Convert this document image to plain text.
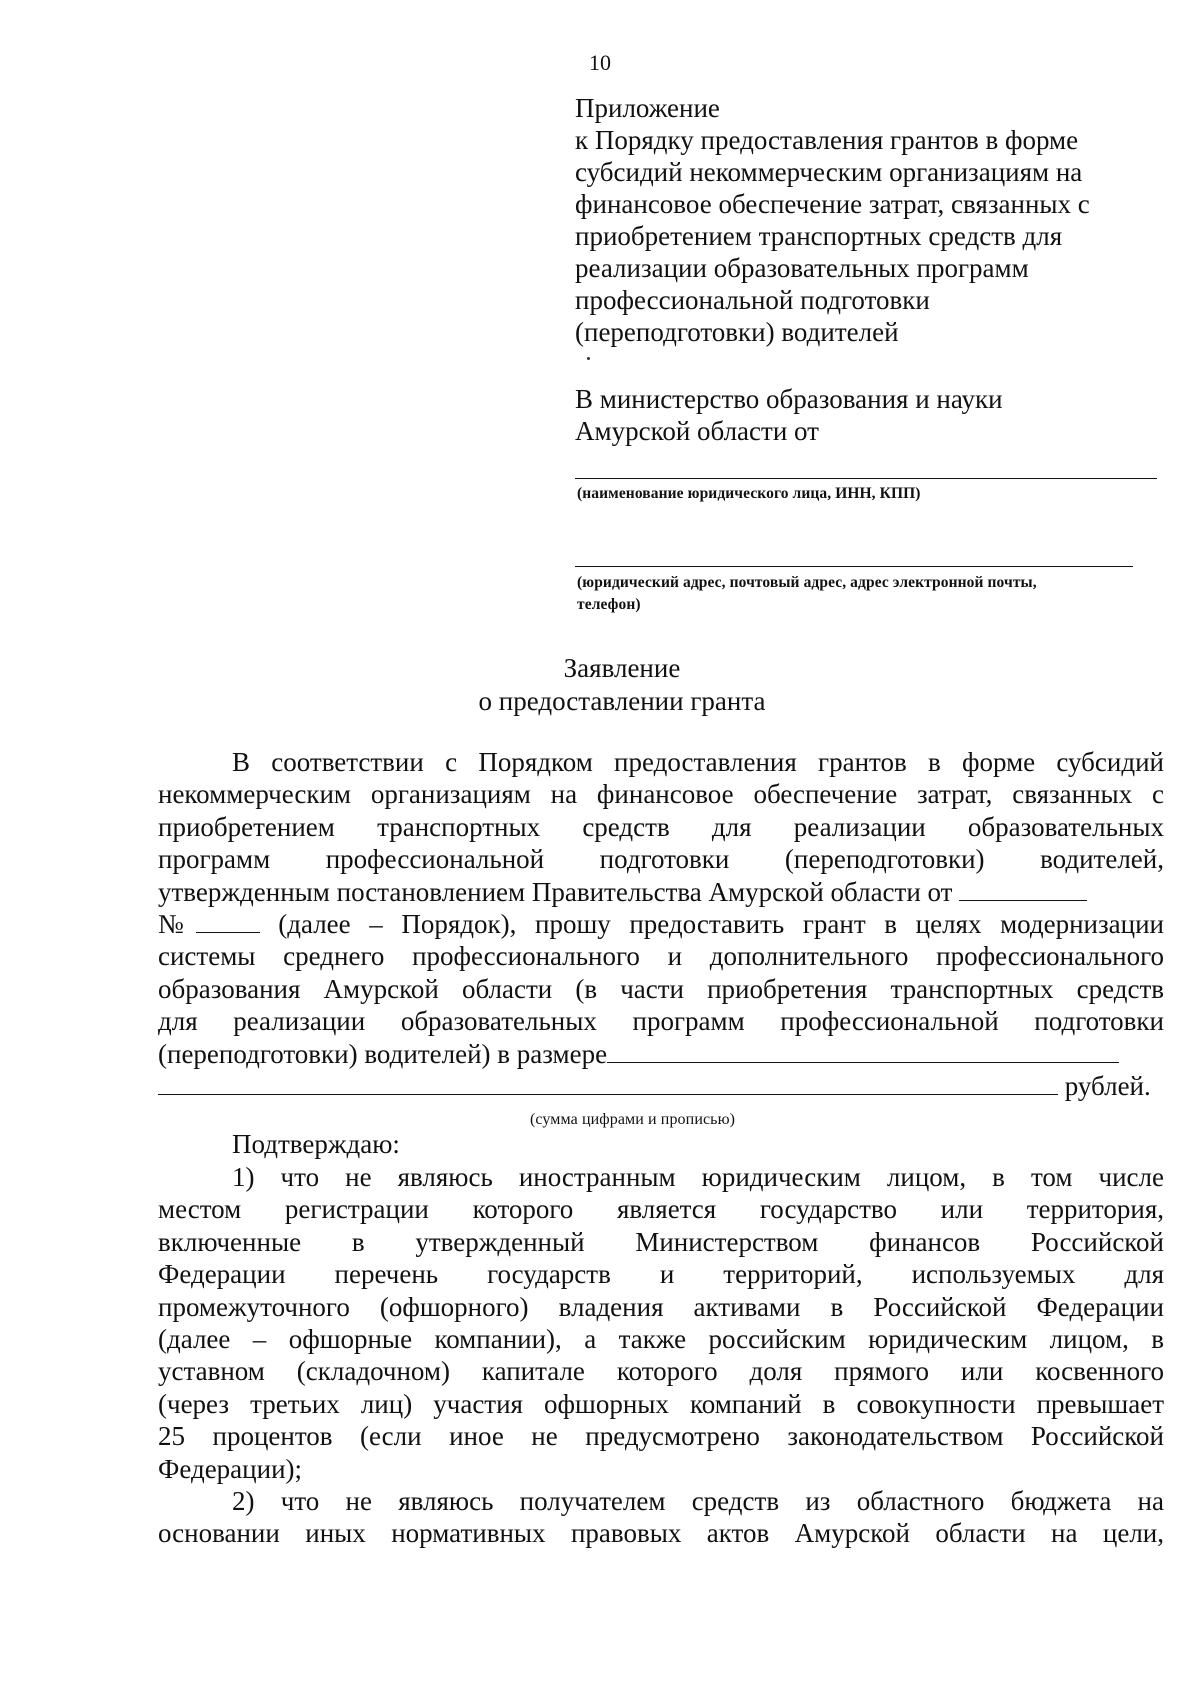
10
Приложение
к Порядку предоставления грантов в форме
субсидий некоммерческим организациям на
финансовое обеспечение затрат, связанных с
приобретением транспортных средств для
реализации образовательных программ
профессиональной подготовки
(переподготовки) водителей
В министерство образования и науки
Амурской области от
(наименование юридического лица, ИНН, КПП)
(юридический адрес, почтовый адрес, адрес электронной почты,
телефон)
Заявление
о предоставлении гранта
В соответствии с Порядком предоставления грантов в форме субсидий
некоммерческим организациям на финансовое обеспечение затрат, связанных с
приобретением транспортных средств для реализации образовательных
программ профессиональной подготовки (переподготовки) водителей,
утвержденным постановлением Правительства Амурской области от
№	(далее – Порядок), прошу предоставить грант в целях модернизации
системы среднего профессионального и дополнительного профессионального
образования Амурской области (в части приобретения транспортных средств
для реализации образовательных программ профессиональной подготовки
(переподготовки) водителей) в размере
рублей.
(сумма цифрами и прописью)
Подтверждаю:
1) что не являюсь иностранным юридическим лицом, в том числе
местом регистрации которого является государство или территория,
включенные в утвержденный Министерством финансов Российской
Федерации перечень государств и территорий, используемых для
промежуточного (офшорного) владения активами в Российской Федерации
(далее – офшорные компании), а также российским юридическим лицом, в
уставном (складочном) капитале которого доля прямого или косвенного
(через третьих лиц) участия офшорных компаний в совокупности превышает
25 процентов (если иное не предусмотрено законодательством Российской
Федерации);
2) что не являюсь получателем средств из областного бюджета на
основании иных нормативных правовых актов Амурской области на цели,
